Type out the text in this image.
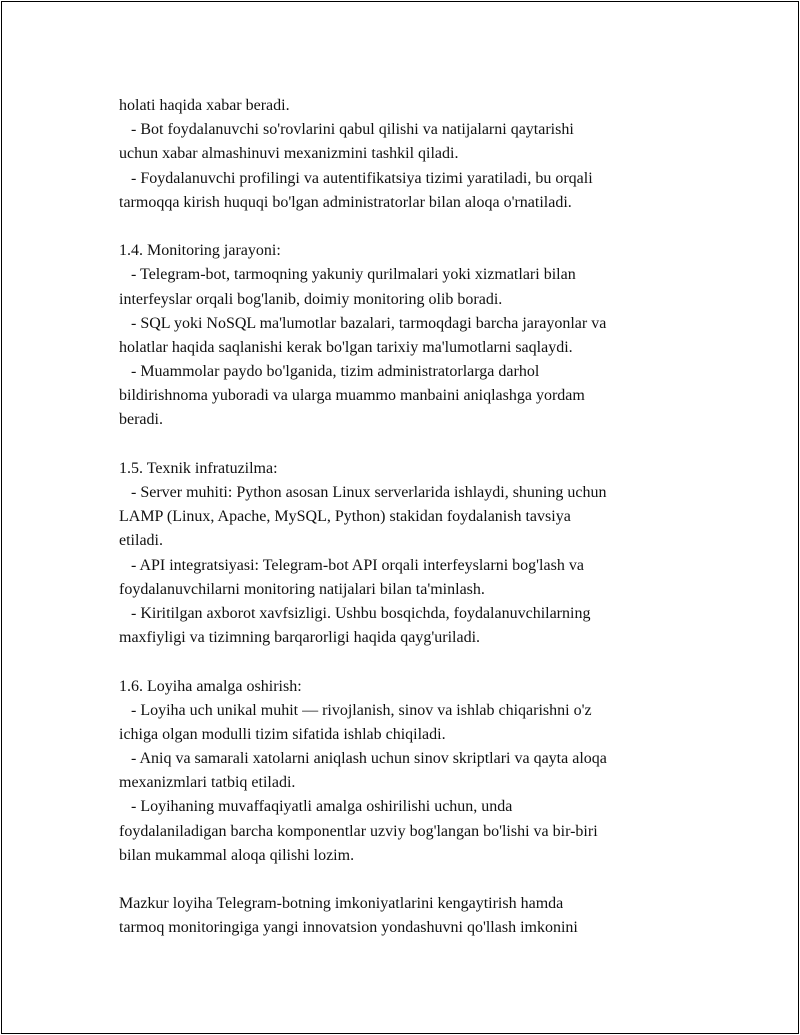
holati haqida xabar beradi.
- Bot foydalanuvchi so'rovlarini qabul qilishi va natijalarni qaytarishi
uchun xabar almashinuvi mexanizmini tashkil qiladi.
- Foydalanuvchi profilingi va autentifikatsiya tizimi yaratiladi, bu orqali
tarmoqqa kirish huquqi bo'lgan administratorlar bilan aloqa o'rnatiladi.
1.4. Monitoring jarayoni:
- Telegram-bot, tarmoqning yakuniy qurilmalari yoki xizmatlari bilan
interfeyslar orqali bog'lanib, doimiy monitoring olib boradi.
- SQL yoki NoSQL ma'lumotlar bazalari, tarmoqdagi barcha jarayonlar va
holatlar haqida saqlanishi kerak bo'lgan tarixiy ma'lumotlarni saqlaydi.
- Muammolar paydo bo'lganida, tizim administratorlarga darhol
bildirishnoma yuboradi va ularga muammo manbaini aniqlashga yordam
beradi.
1.5. Texnik infratuzilma:
- Server muhiti: Python asosan Linux serverlarida ishlaydi, shuning uchun
LAMP (Linux, Apache, MySQL, Python) stakidan foydalanish tavsiya
etiladi.
- API integratsiyasi: Telegram-bot API orqali interfeyslarni bog'lash va
foydalanuvchilarni monitoring natijalari bilan ta'minlash.
- Kiritilgan axborot xavfsizligi. Ushbu bosqichda, foydalanuvchilarning
maxfiyligi va tizimning barqarorligi haqida qayg'uriladi.
1.6. Loyiha amalga oshirish:
- Loyiha uch unikal muhit — rivojlanish, sinov va ishlab chiqarishni o'z
ichiga olgan modulli tizim sifatida ishlab chiqiladi.
- Aniq va samarali xatolarni aniqlash uchun sinov skriptlari va qayta aloqa
mexanizmlari tatbiq etiladi.
- Loyihaning muvaffaqiyatli amalga oshirilishi uchun, unda
foydalaniladigan barcha komponentlar uzviy bog'langan bo'lishi va bir-biri
bilan mukammal aloqa qilishi lozim.
Mazkur loyiha Telegram-botning imkoniyatlarini kengaytirish hamda
tarmoq monitoringiga yangi innovatsion yondashuvni qo'llash imkonini
